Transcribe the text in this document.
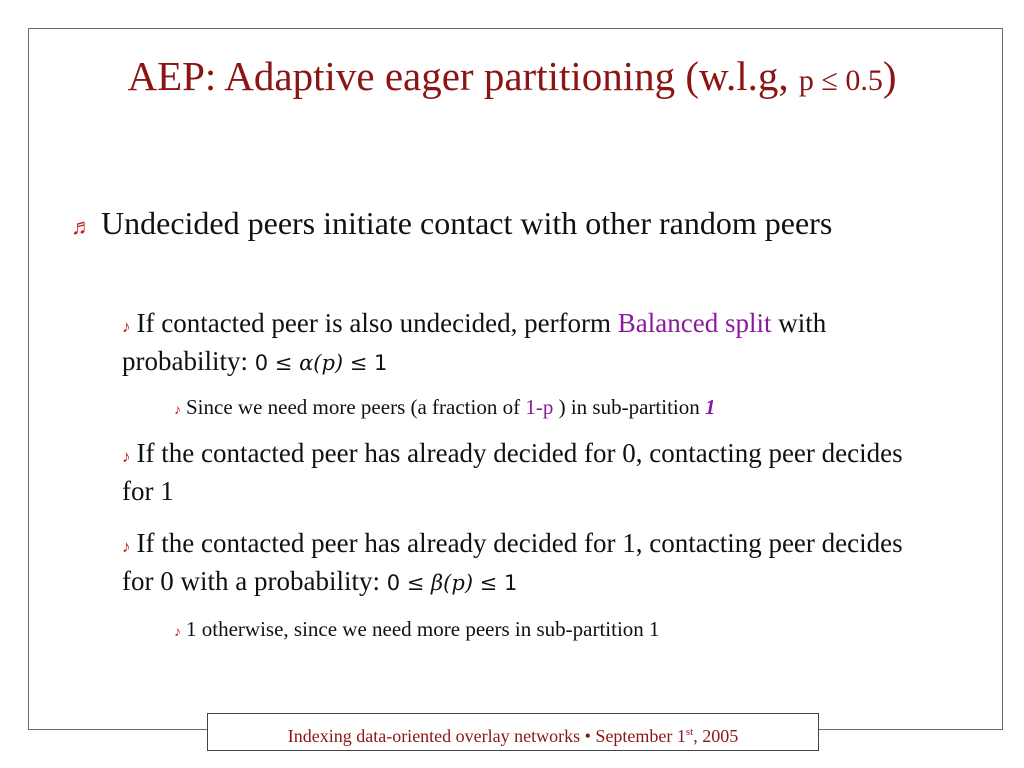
AEP: Adaptive eager partitioning (w.l.g, p ≤ 0.5)
♬ Undecided peers initiate contact with other random peers
♪ If contacted peer is also undecided, perform Balanced split with probability: 0 ≤ α(p) ≤ 1
♪ Since we need more peers (a fraction of 1-p ) in sub-partition 1
♪ If the contacted peer has already decided for 0, contacting peer decides for 1
♪ If the contacted peer has already decided for 1, contacting peer decides for 0 with a probability: 0 ≤ β(p) ≤ 1
♪ 1 otherwise, since we need more peers in sub-partition 1
Indexing data-oriented overlay networks • September 1st, 2005
